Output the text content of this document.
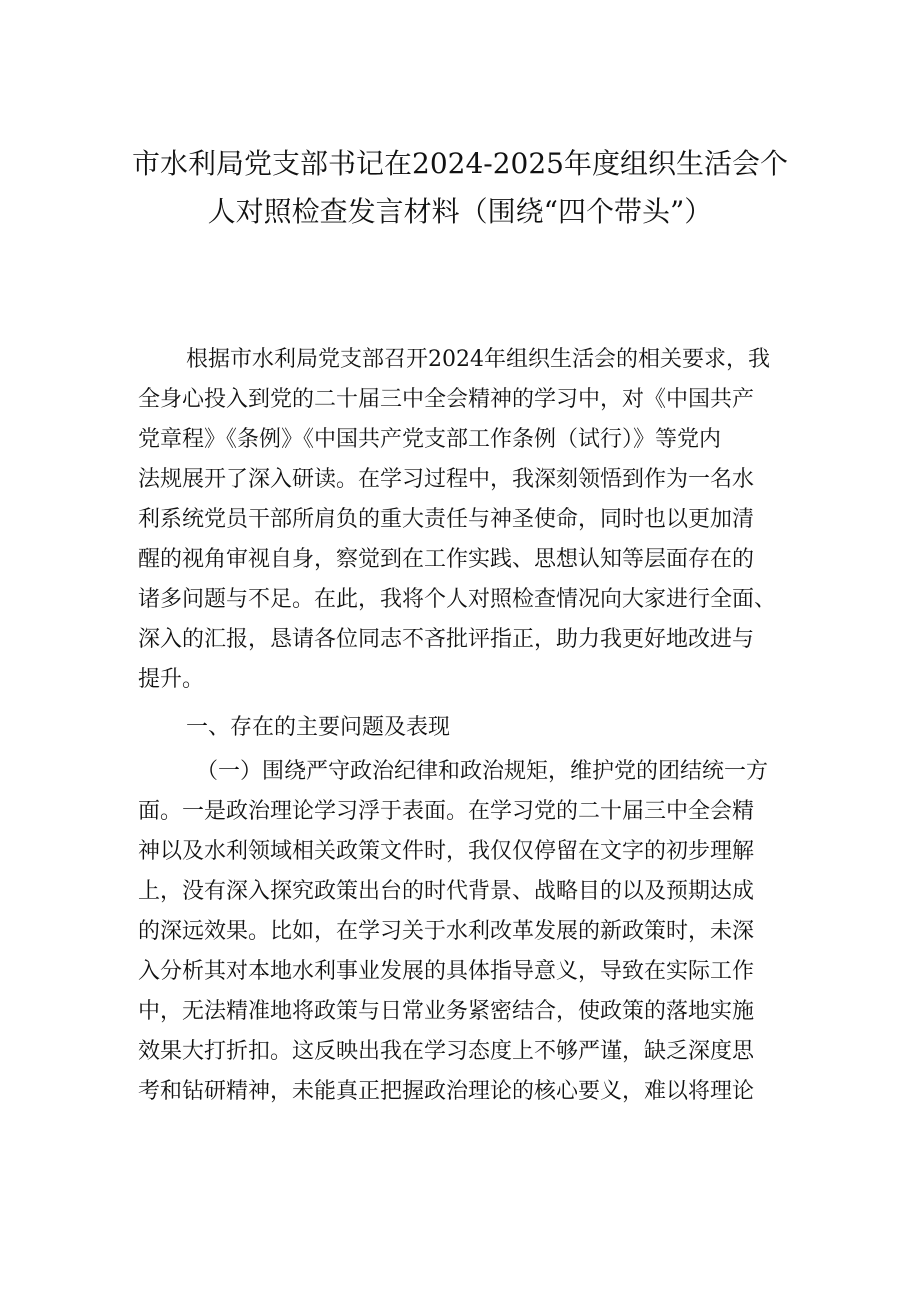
市水利局党支部书记在2024-2025年度组织生活会个
人对照检查发言材料（围绕“四个带头”）

根据市水利局党支部召开2024年组织生活会的相关要求，我

全身心投入到党的二十届三中全会精神的学习中，对《中国共产

党章程》《条例》《中国共产党支部工作条例（试行）》等党内

法规展开了深入研读。在学习过程中，我深刻领悟到作为一名水

利系统党员干部所肩负的重大责任与神圣使命，同时也以更加清

醒的视角审视自身，察觉到在工作实践、思想认知等层面存在的

诸多问题与不足。在此，我将个人对照检查情况向大家进行全面、

深入的汇报，恳请各位同志不吝批评指正，助力我更好地改进与

提升。

一、存在的主要问题及表现

（一）围绕严守政治纪律和政治规矩，维护党的团结统一方

面。一是政治理论学习浮于表面。在学习党的二十届三中全会精

神以及水利领域相关政策文件时，我仅仅停留在文字的初步理解

上，没有深入探究政策出台的时代背景、战略目的以及预期达成

的深远效果。比如，在学习关于水利改革发展的新政策时，未深

入分析其对本地水利事业发展的具体指导意义，导致在实际工作

中，无法精准地将政策与日常业务紧密结合，使政策的落地实施

效果大打折扣。这反映出我在学习态度上不够严谨，缺乏深度思

考和钻研精神，未能真正把握政治理论的核心要义，难以将理论
